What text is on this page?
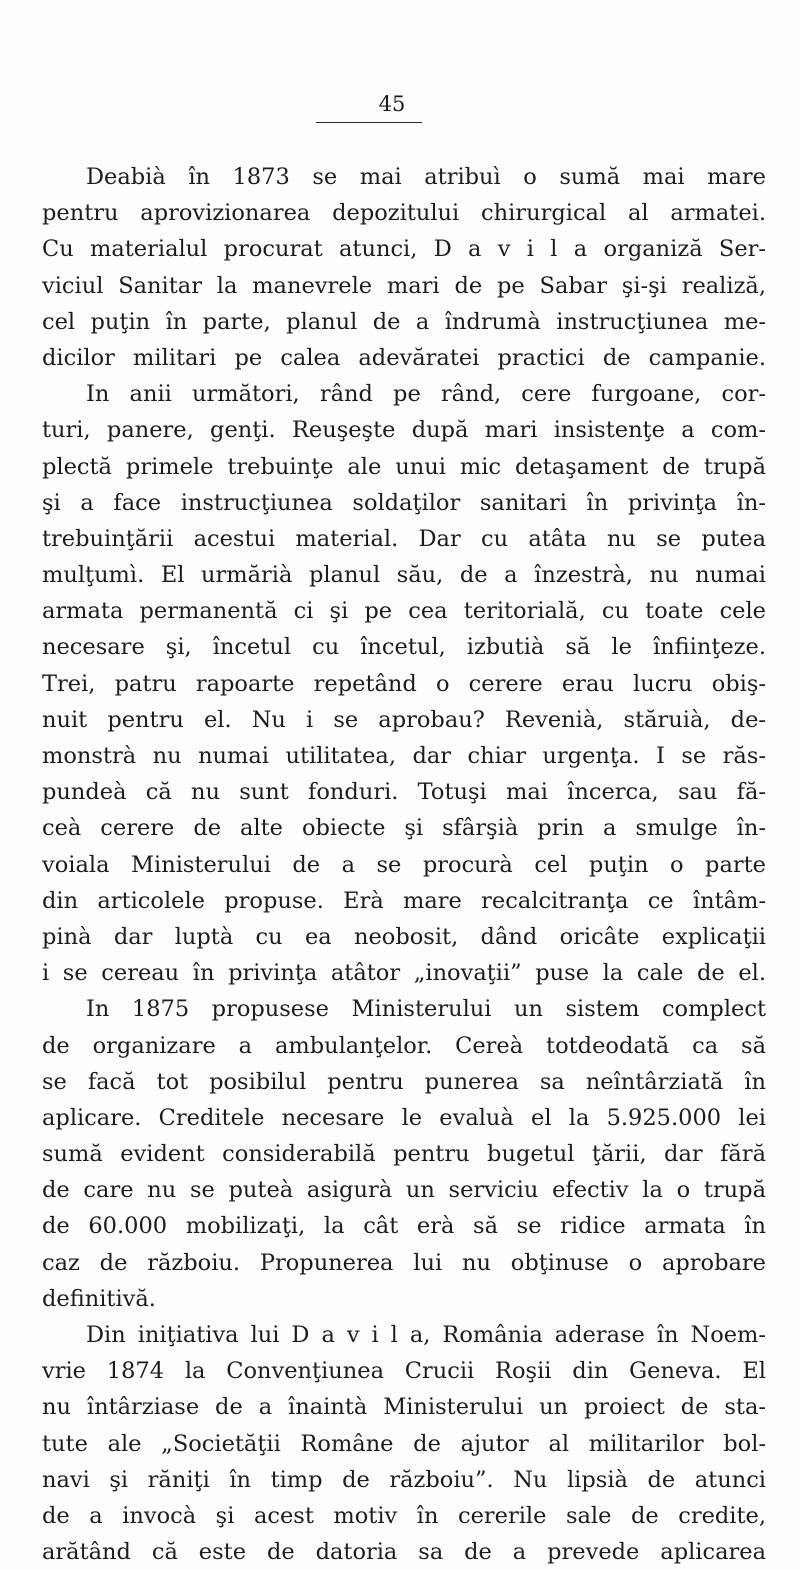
45
Deabià în 1873 se mai atribuì o sumă mai mare
pentru aprovizionarea depozitului chirurgical al armatei.
Cu materialul procurat atunci, D a v i l a organiză Ser-
viciul Sanitar la manevrele mari de pe Sabar şi-şi realiză,
cel puţin în parte, planul de a îndrumà instrucţiunea me-
dicilor militari pe calea adevăratei practici de campanie.
In anii următori, rând pe rând, cere furgoane, cor-
turi, panere, genţi. Reuşeşte după mari insistenţe a com-
plectă primele trebuinţe ale unui mic detaşament de trupă
şi a face instrucţiunea soldaţilor sanitari în privinţa în-
trebuinţării acestui material. Dar cu atâta nu se putea
mulţumì. El urmărià planul său, de a înzestrà, nu numai
armata permanentă ci şi pe cea teritorială, cu toate cele
necesare şi, încetul cu încetul, izbutià să le înfiinţeze.
Trei, patru rapoarte repetând o cerere erau lucru obiş-
nuit pentru el. Nu i se aprobau? Revenià, stăruià, de-
monstrà nu numai utilitatea, dar chiar urgenţa. I se răs-
pundeà că nu sunt fonduri. Totuşi mai încerca, sau fă-
ceà cerere de alte obiecte şi sfârşià prin a smulge în-
voiala Ministerului de a se procurà cel puţin o parte
din articolele propuse. Erà mare recalcitranţa ce întâm-
pinà dar luptà cu ea neobosit, dând oricâte explicaţii
i se cereau în privinţa atâtor „inovaţii” puse la cale de el.
In 1875 propusese Ministerului un sistem complect
de organizare a ambulanţelor. Cereà totdeodată ca să
se facă tot posibilul pentru punerea sa neîntârziată în
aplicare. Creditele necesare le evaluà el la 5.925.000 lei
sumă evident considerabilă pentru bugetul ţării, dar fără
de care nu se puteà asigurà un serviciu efectiv la o trupă
de 60.000 mobilizaţi, la cât erà să se ridice armata în
caz de războiu. Propunerea lui nu obţinuse o aprobare
definitivă.
Din iniţiativa lui D a v i l a, România aderase în Noem-
vrie 1874 la Convenţiunea Crucii Roşii din Geneva. El
nu întârziase de a înaintà Ministerului un proiect de sta-
tute ale „Societăţii Române de ajutor al militarilor bol-
navi şi răniţi în timp de războiu”. Nu lipsià de atunci
de a invocà şi acest motiv în cererile sale de credite,
arătând că este de datoria sa de a prevede aplicarea
